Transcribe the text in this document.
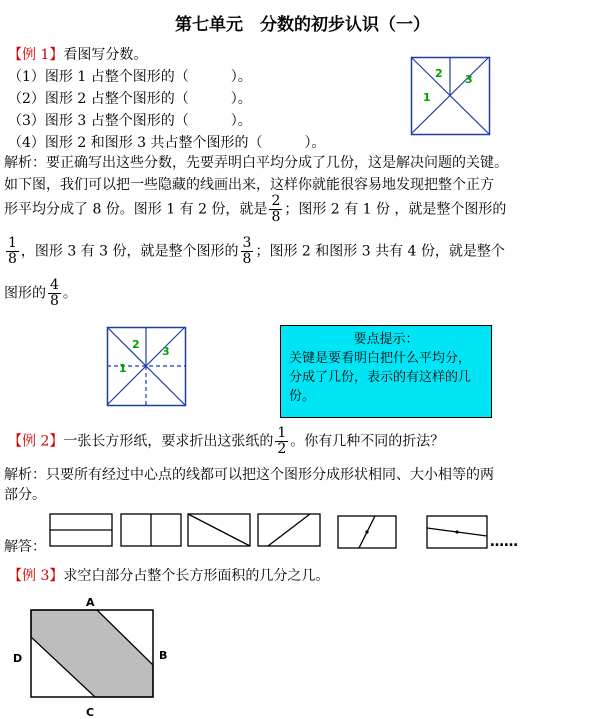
第七单元　分数的初步认识（一）
【例 1】看图写分数。
（1）图形 1 占整个图形的（　　　）。
（2）图形 2 占整个图形的（　　　）。
（3）图形 3 占整个图形的（　　　）。
（4）图形 2 和图形 3 共占整个图形的（　　　）。
1
2 3
解析：要正确写出这些分数，先要弄明白平均分成了几份，这是解决问题的关键。
如下图，我们可以把一些隐藏的线画出来，这样你就能很容易地发现把整个正方
形平均分成了 8 份。图形 1 有 2 份，就是 $\frac{2}{8}$ ；图形 2 有 1 份 ，就是整个图形的
$\frac{1}{8}$ ，图形 3 有 3 份，就是整个图形的 $\frac{3}{8}$ ；图形 2 和图形 3 共有 4 份，就是整个
图形的 $\frac{4}{8}$ 。
1
2
3
要点提示：
关键是要看明白把什么平均分，
分成了几份，表示的有这样的几
份。
【例 2】一张长方形纸，要求折出这张纸的 $\frac{1}{2}$ 。你有几种不同的折法？
解析：只要所有经过中心点的线都可以把这个图形分成形状相同、大小相等的两
部分。
解答：	……
【例 3】求空白部分占整个长方形面积的几分之几。
A
B
C
D
